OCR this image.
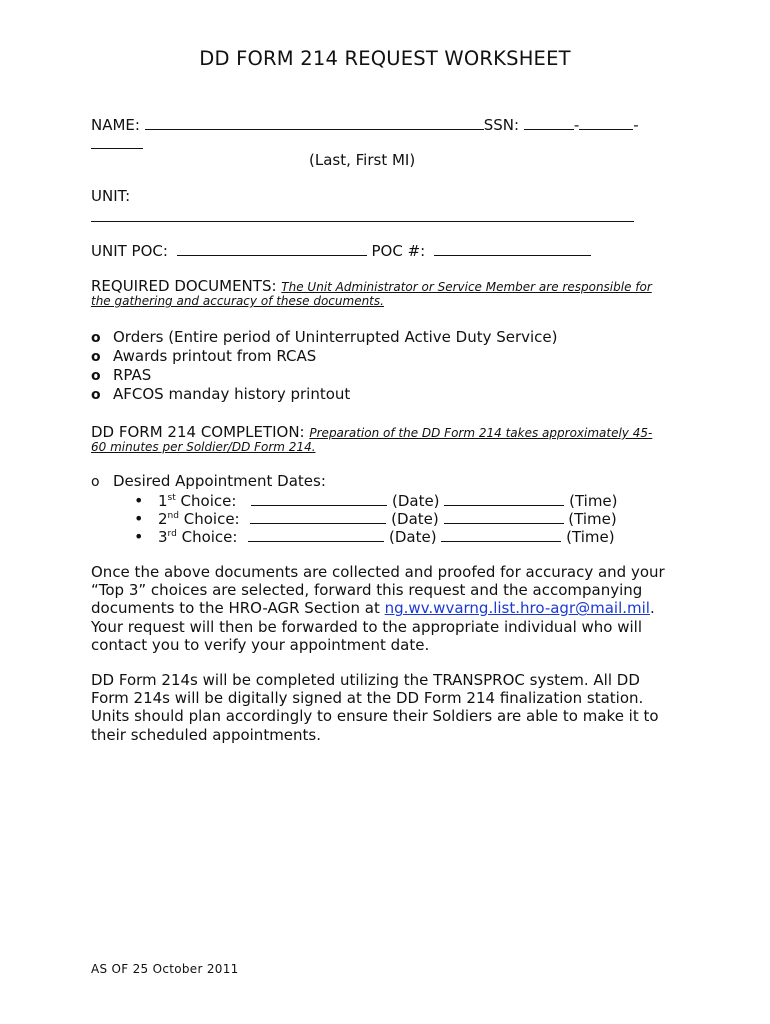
DD FORM 214 REQUEST WORKSHEET
NAME:	SSN:	-	-
(Last, First MI)
UNIT:
UNIT POC:	POC #:
REQUIRED DOCUMENTS: The Unit Administrator or Service Member are responsible for
the gathering and accuracy of these documents.
o Orders (Entire period of Uninterrupted Active Duty Service)
o Awards printout from RCAS
o RPAS
o AFCOS manday history printout
DD FORM 214 COMPLETION: Preparation of the DD Form 214 takes approximately 45-
60 minutes per Soldier/DD Form 214.
o Desired Appointment Dates:
• 1st Choice:	(Date)	(Time)
• 2nd Choice:	(Date)	(Time)
• 3rd Choice:	(Date)	(Time)
Once the above documents are collected and proofed for accuracy and your
“Top 3” choices are selected, forward this request and the accompanying
documents to the HRO-AGR Section at ng.wv.wvarng.list.hro-agr@mail.mil.
Your request will then be forwarded to the appropriate individual who will
contact you to verify your appointment date.
DD Form 214s will be completed utilizing the TRANSPROC system. All DD
Form 214s will be digitally signed at the DD Form 214 finalization station.
Units should plan accordingly to ensure their Soldiers are able to make it to
their scheduled appointments.
AS OF 25 October 2011
